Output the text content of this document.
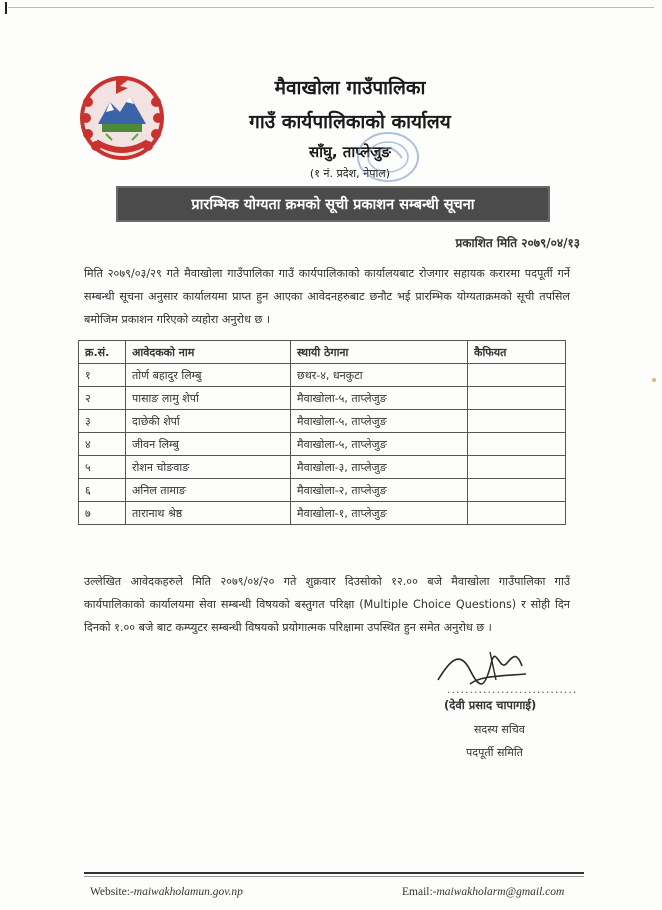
मैवाखोला गाउँपालिका
गाउँ कार्यपालिकाको कार्यालय
साँघु, ताप्लेजुङ
(१ नं. प्रदेश, नेपाल)
प्रारम्भिक योग्यता क्रमको सूची प्रकाशन सम्बन्धी सूचना
प्रकाशित मिति २०७९/०४/१३
मिति २०७९/०३/२९ गते मैवाखोला गाउँपालिका गाउँ कार्यपालिकाको कार्यालयबाट रोजगार सहायक करारमा पदपूर्ती गर्ने सम्बन्धी सूचना अनुसार कार्यालयमा प्राप्त हुन आएका आवेदनहरुबाट छनौट भई प्रारम्भिक योग्यताक्रमको सूची तपसिल बमोजिम प्रकाशन गरिएको व्यहोरा अनुरोध छ ।
क्र.सं.	आवेदकको नाम	स्थायी ठेगाना	कैफियत
१	तोर्ण बहादुर लिम्बु	छथर-४, धनकुटा	
२	पासाङ लामु शेर्पा	मैवाखोला-५, ताप्लेजुङ	
३	दाछेकी शेर्पा	मैवाखोला-५, ताप्लेजुङ	
४	जीवन लिम्बु	मैवाखोला-५, ताप्लेजुङ	
५	रोशन चोङवाङ	मैवाखोला-३, ताप्लेजुङ	
६	अनिल तामाङ	मैवाखोला-२, ताप्लेजुङ	
७	तारानाथ श्रेष्ठ	मैवाखोला-१, ताप्लेजुङ	
उल्लेखित आवेदकहरुले मिति २०७९/०४/२० गते शुक्रवार दिउसोको १२.०० बजे मैवाखोला गाउँपालिका गाउँ कार्यपालिकाको कार्यालयमा सेवा सम्बन्धी विषयको बस्तुगत परिक्षा (Multiple Choice Questions) र सोही दिन दिनको १.०० बजे बाट कम्प्युटर सम्बन्धी विषयको प्रयोगात्मक परिक्षामा उपस्थित हुन समेत अनुरोध छ ।
.............................
(देवी प्रसाद चापागाई)
सदस्य सचिव
पदपूर्ती समिति
Website:-maiwakholamun.gov.np	Email:-maiwakholarm@gmail.com
